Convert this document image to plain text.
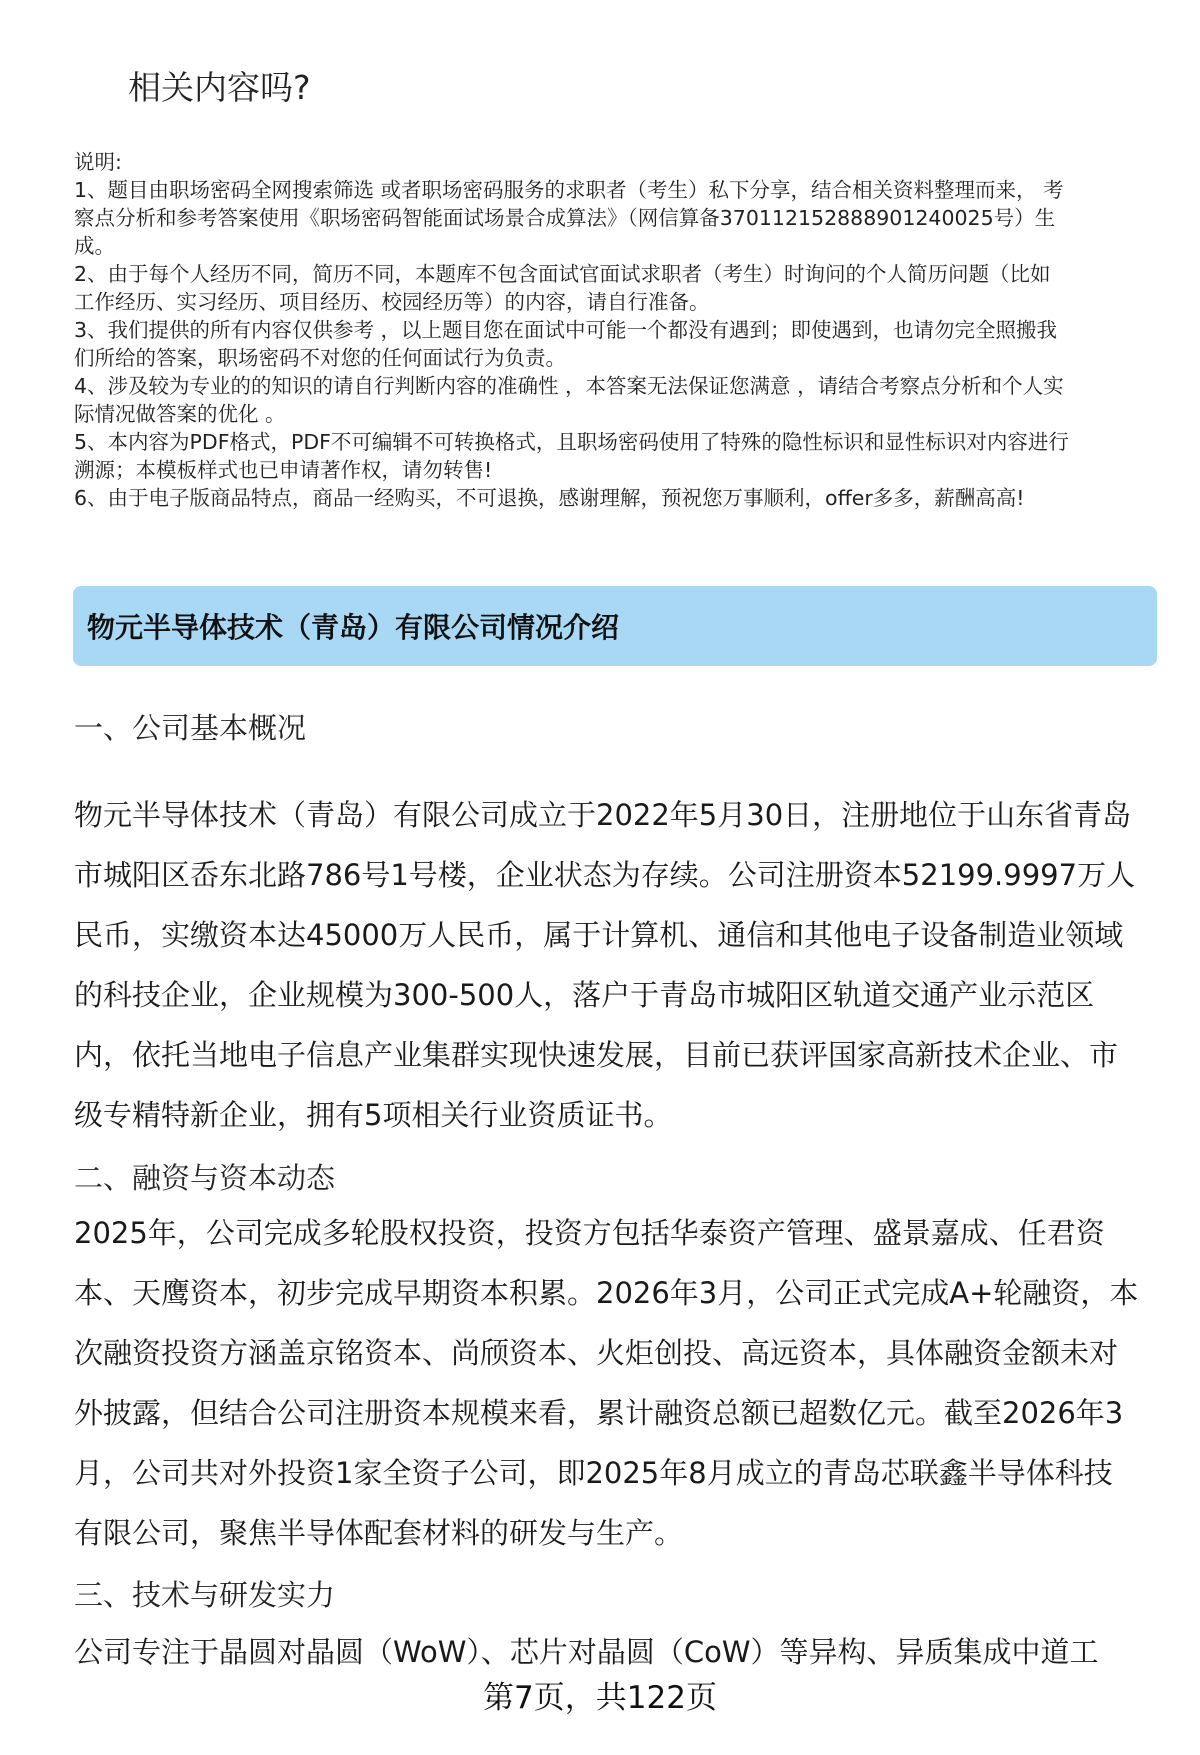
相关内容吗?

说明:

1、题目由职场密码全网搜索筛选 或者职场密码服务的求职者（考生）私下分享，结合相关资料整理而来， 考

察点分析和参考答案使用《职场密码智能面试场景合成算法》（网信算备370112152888901240025号）生

成。

2、由于每个人经历不同，简历不同，本题库不包含面试官面试求职者（考生）时询问的个人简历问题（比如

工作经历、实习经历、项目经历、校园经历等）的内容，请自行准备。

3、我们提供的所有内容仅供参考 ，以上题目您在面试中可能一个都没有遇到；即使遇到，也请勿完全照搬我

们所给的答案，职场密码不对您的任何面试行为负责。

4、涉及较为专业的的知识的请自行判断内容的准确性 ，本答案无法保证您满意 ，请结合考察点分析和个人实

际情况做答案的优化 。

5、本内容为PDF格式，PDF不可编辑不可转换格式，且职场密码使用了特殊的隐性标识和显性标识对内容进行

溯源；本模板样式也已申请著作权，请勿转售!

6、由于电子版商品特点，商品一经购买，不可退换，感谢理解，预祝您万事顺利，offer多多，薪酬高高!

物元半导体技术（青岛）有限公司情况介绍
一、公司基本概况

物元半导体技术（青岛）有限公司成立于2022年5月30日，注册地位于山东省青岛

市城阳区岙东北路786号1号楼，企业状态为存续。公司注册资本52199.9997万人

民币，实缴资本达45000万人民币，属于计算机、通信和其他电子设备制造业领域

的科技企业，企业规模为300-500人，落户于青岛市城阳区轨道交通产业示范区

内，依托当地电子信息产业集群实现快速发展，目前已获评国家高新技术企业、市

级专精特新企业，拥有5项相关行业资质证书。

二、融资与资本动态

2025年，公司完成多轮股权投资，投资方包括华泰资产管理、盛景嘉成、任君资

本、天鹰资本，初步完成早期资本积累。2026年3月，公司正式完成A+轮融资，本

次融资投资方涵盖京铭资本、尚颀资本、火炬创投、高远资本，具体融资金额未对

外披露，但结合公司注册资本规模来看，累计融资总额已超数亿元。截至2026年3

月，公司共对外投资1家全资子公司，即2025年8月成立的青岛芯联鑫半导体科技

有限公司，聚焦半导体配套材料的研发与生产。

三、技术与研发实力

公司专注于晶圆对晶圆（WoW）、芯片对晶圆（CoW）等异构、异质集成中道工

第7页，共122页
